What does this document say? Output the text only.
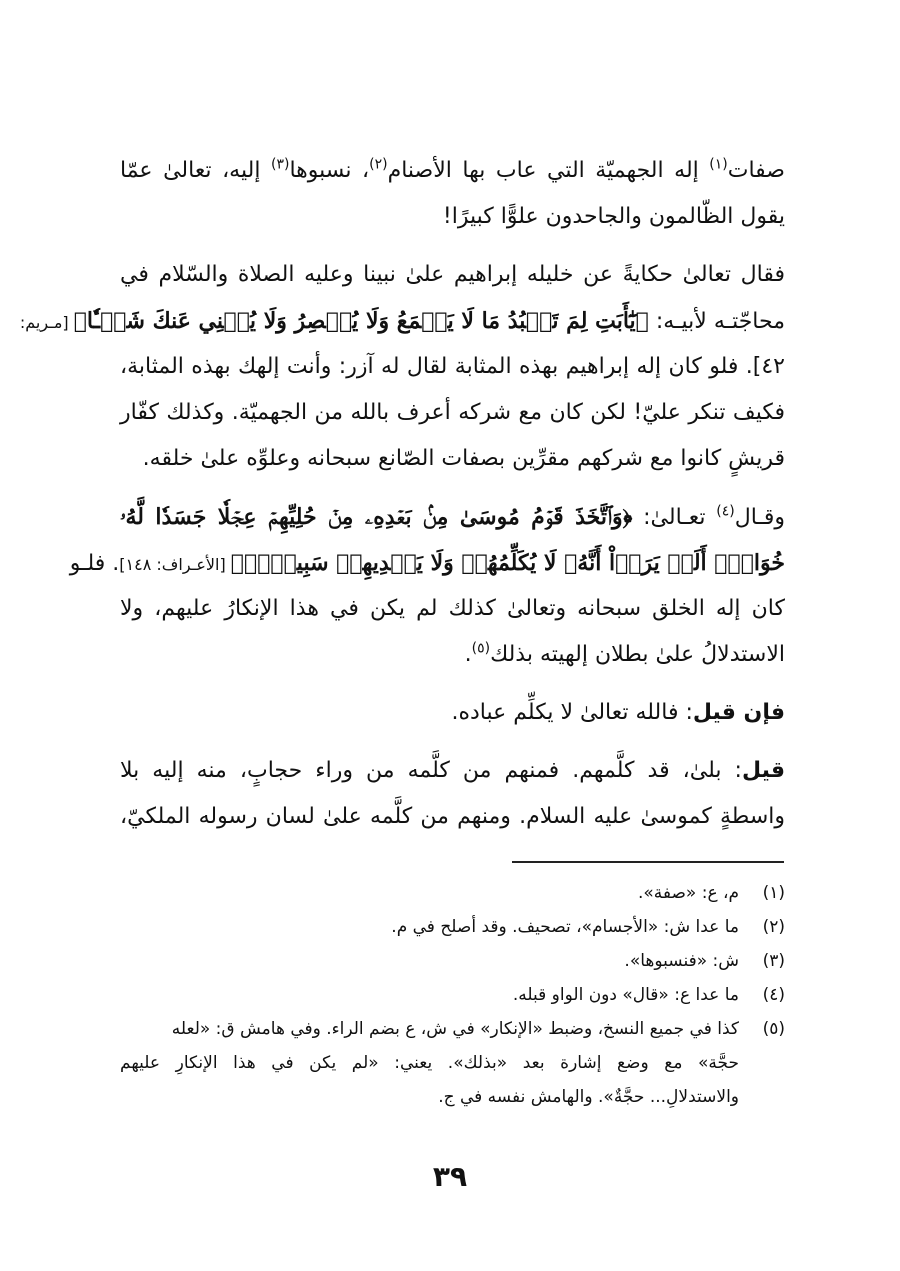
صفات$^{(١)}$ إله الجهميّة التي عاب بها الأصنام$^{(٢)}$، نسبوها$^{(٣)}$ إليه، تعالىٰ عمّا
يقول الظّالمون والجاحدون علوًّا كبيرًا!
فقال تعالىٰ حكايةً عن خليله إبراهيم علىٰ نبينا وعليه الصلاة والسّلام في
محاجّتـه لأبيـه: ﴿يَٰٓأَبَتِ لِمَ تَعۡبُدُ مَا لَا يَسۡمَعُ وَلَا يُبۡصِرُ وَلَا يُغۡنِي عَنكَ شَيۡـٔٗا﴾ [مـريم:
٤٢]. فلو كان إله إبراهيم بهذه المثابة لقال له آزر: وأنت إلهك بهذه المثابة،
فكيف تنكر عليّ! لكن كان مع شركه أعرف بالله من الجهميّة. وكذلك كفّار
قريشٍ كانوا مع شركهم مقرِّين بصفات الصّانع سبحانه وعلوِّه علىٰ خلقه.
وقـال$^{(٤)}$ تعـالىٰ: ﴿وَٱتَّخَذَ قَوۡمُ مُوسَىٰ مِنۢ بَعۡدِهِۦ مِنۡ حُلِيِّهِمۡ عِجۡلٗا جَسَدٗا لَّهُۥ
خُوَارٌۚ أَلَمۡ يَرَوۡاْ أَنَّهُۥ لَا يُكَلِّمُهُمۡ وَلَا يَهۡدِيهِمۡ سَبِيلًاۘ﴾ [الأعـراف: ١٤٨]. فلـو
كان إله الخلق سبحانه وتعالىٰ كذلك لم يكن في هذا الإنكارُ عليهم، ولا
الاستدلالُ علىٰ بطلان إلهيته بذلك$^{(٥)}$.
فإن قيل: فالله تعالىٰ لا يكلِّم عباده.
قيل: بلىٰ، قد كلَّمهم. فمنهم من كلَّمه من وراء حجابٍ، منه إليه بلا
واسطةٍ كموسىٰ عليه السلام. ومنهم من كلَّمه علىٰ لسان رسوله الملكيّ،
(١)م، ع: «صفة».
(٢)ما عدا ش: «الأجسام»، تصحيف. وقد أصلح في م.
(٣)ش: «فنسبوها».
(٤)ما عدا ع: «قال» دون الواو قبله.
(٥)كذا في جميع النسخ، وضبط «الإنكار» في ش، ع بضم الراء. وفي هامش ق: «لعله
حجَّة» مع وضع إشارة بعد «بذلك». يعني: «لم يكن في هذا الإنكارِ عليهم
والاستدلالِ... حجَّةٌ». والهامش نفسه في ج.
٣٩
